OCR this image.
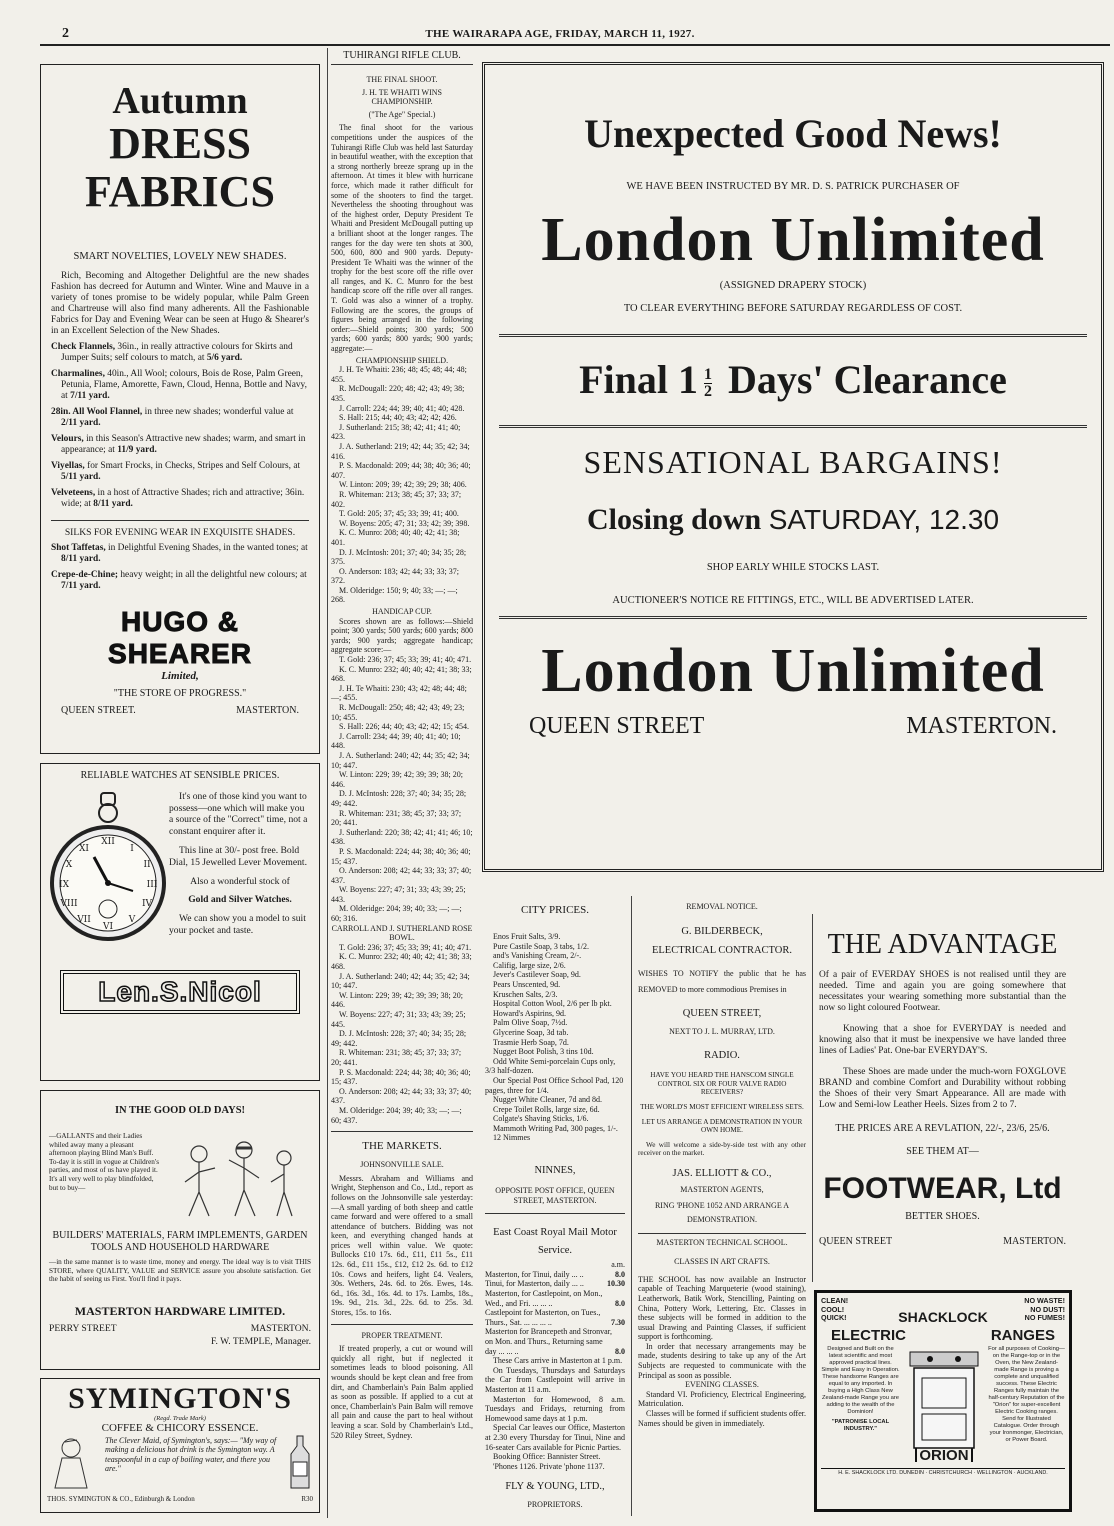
2	THE WAIRARAPA AGE, FRIDAY, MARCH 11, 1927.
Autumn
DRESS
FABRICS
SMART NOVELTIES, LOVELY NEW SHADES.

Rich, Becoming and Altogether Delightful are the new shades Fashion has decreed for Autumn and Winter. Wine and Mauve in a variety of tones promise to be widely popular, while Palm Green and Chartreuse will also find many adherents. All the Fashionable Fabrics for Day and Evening Wear can be seen at Hugo & Shearer's in an Excellent Selection of the New Shades.

Check Flannels, 36in., in really attractive colours for Skirts and Jumper Suits; self colours to match, at 5/6 yard.

Charmalines, 40in., All Wool; colours, Bois de Rose, Palm Green, Petunia, Flame, Amorette, Fawn, Cloud, Henna, Bottle and Navy, at 7/11 yard.

28in. All Wool Flannel, in three new shades; wonderful value at 2/11 yard.

Velours, in this Season's Attractive new shades; warm, and smart in appearance; at 11/9 yard.

Viyellas, for Smart Frocks, in Checks, Stripes and Self Colours, at 5/11 yard.

Velveteens, in a host of Attractive Shades; rich and attractive; 36in. wide; at 8/11 yard.

SILKS FOR EVENING WEAR IN EXQUISITE SHADES.

Shot Taffetas, in Delightful Evening Shades, in the wanted tones; at 8/11 yard.

Crepe-de-Chine; heavy weight; in all the delightful new colours; at 7/11 yard.

HUGO & SHEARER
Limited,
"THE STORE OF PROGRESS."
QUEEN STREET.	MASTERTON.
RELIABLE WATCHES AT SENSIBLE PRICES.
XII
I
II
III
IV
V
VI
VII
VIII
IX
X
XI

It's one of those kind you want to possess—one which will make you a source of the "Correct" time, not a constant enquirer after it.

This line at 30/- post free. Bold Dial, 15 Jewelled Lever Movement.

Also a wonderful stock of

Gold and Silver Watches.

We can show you a model to suit your pocket and taste.

Len.S.Nicol
IN THE GOOD OLD DAYS!

—GALLANTS and their Ladies whiled away many a pleasant afternoon playing Blind Man's Buff. To-day it is still in vogue at Children's parties, and most of us have played it. It's all very well to play blindfolded, but to buy—

BUILDERS' MATERIALS, FARM IMPLEMENTS, GARDEN TOOLS AND HOUSEHOLD HARDWARE

—in the same manner is to waste time, money and energy. The ideal way is to visit THIS STORE, where QUALITY, VALUE and SERVICE assure you absolute satisfaction. Get the habit of seeing us First. You'll find it pays.

MASTERTON HARDWARE LIMITED.
PERRY STREET	MASTERTON.
F. W. TEMPLE, Manager.
SYMINGTON'S
(Regd. Trade Mark)
COFFEE & CHICORY ESSENCE.

The Clever Maid, of Symington's, says:— "My way of making a delicious hot drink is the Symington way. A teaspoonful in a cup of boiling water, and there you are."

THOS. SYMINGTON & CO., Edinburgh & London	R30
TUHIRANGI RIFLE CLUB.
THE FINAL SHOOT.
J. H. TE WHAITI WINS CHAMPIONSHIP.
("The Age" Special.)

The final shoot for the various competitions under the auspices of the Tuhirangi Rifle Club was held last Saturday in beautiful weather, with the exception that a strong northerly breeze sprang up in the afternoon. At times it blew with hurricane force, which made it rather difficult for some of the shooters to find the target. Nevertheless the shooting throughout was of the highest order, Deputy President Te Whaiti and President McDougall putting up a brilliant shoot at the longer ranges. The ranges for the day were ten shots at 300, 500, 600, 800 and 900 yards. Deputy-President Te Whaiti was the winner of the trophy for the best score off the rifle over all ranges, and K. C. Munro for the best handicap score off the rifle over all ranges. T. Gold was also a winner of a trophy. Following are the scores, the groups of figures being arranged in the following order:—Shield points; 300 yards; 500 yards; 600 yards; 800 yards; 900 yards; aggregate:—

CHAMPIONSHIP SHIELD.

J. H. Te Whaiti: 236; 48; 45; 48; 44; 48; 455.

R. McDougall: 220; 48; 42; 43; 49; 38; 435.

J. Carroll: 224; 44; 39; 40; 41; 40; 428.

S. Hall: 215; 44; 40; 43; 42; 42; 426.

J. Sutherland: 215; 38; 42; 41; 41; 40; 423.

J. A. Sutherland: 219; 42; 44; 35; 42; 34; 416.

P. S. Macdonald: 209; 44; 38; 40; 36; 40; 407.

W. Linton: 209; 39; 42; 39; 29; 38; 406.

R. Whiteman: 213; 38; 45; 37; 33; 37; 402.

T. Gold: 205; 37; 45; 33; 39; 41; 400.

W. Boyens: 205; 47; 31; 33; 42; 39; 398.

K. C. Munro: 208; 40; 40; 42; 41; 38; 401.

D. J. McIntosh: 201; 37; 40; 34; 35; 28; 375.

O. Anderson: 183; 42; 44; 33; 33; 37; 372.

M. Olderidge: 150; 9; 40; 33; —; —; 268.

HANDICAP CUP.

Scores shown are as follows:—Shield point; 300 yards; 500 yards; 600 yards; 800 yards; 900 yards; aggregate handicap; aggregate score:—

T. Gold: 236; 37; 45; 33; 39; 41; 40; 471.

K. C. Munro: 232; 40; 40; 42; 41; 38; 33; 468.

J. H. Te Whaiti: 230; 43; 42; 48; 44; 48; —; 455.

R. McDougall: 250; 48; 42; 43; 49; 23; 10; 455.

S. Hall: 226; 44; 40; 43; 42; 42; 15; 454.

J. Carroll: 234; 44; 39; 40; 41; 40; 10; 448.

J. A. Sutherland: 240; 42; 44; 35; 42; 34; 10; 447.

W. Linton: 229; 39; 42; 39; 39; 38; 20; 446.

D. J. McIntosh: 228; 37; 40; 34; 35; 28; 49; 442.

R. Whiteman: 231; 38; 45; 37; 33; 37; 20; 441.

J. Sutherland: 220; 38; 42; 41; 41; 46; 10; 438.

P. S. Macdonald: 224; 44; 38; 40; 36; 40; 15; 437.

O. Anderson: 208; 42; 44; 33; 33; 37; 40; 437.

W. Boyens: 227; 47; 31; 33; 43; 39; 25; 443.

M. Olderidge: 204; 39; 40; 33; —; —; 60; 316.

CARROLL AND J. SUTHERLAND ROSE BOWL.

T. Gold: 236; 37; 45; 33; 39; 41; 40; 471.

K. C. Munro: 232; 40; 40; 42; 41; 38; 33; 468.

J. A. Sutherland: 240; 42; 44; 35; 42; 34; 10; 447.

W. Linton: 229; 39; 42; 39; 39; 38; 20; 446.

W. Boyens: 227; 47; 31; 33; 43; 39; 25; 445.

D. J. McIntosh: 228; 37; 40; 34; 35; 28; 49; 442.

R. Whiteman: 231; 38; 45; 37; 33; 37; 20; 441.

P. S. Macdonald: 224; 44; 38; 40; 36; 40; 15; 437.

O. Anderson: 208; 42; 44; 33; 33; 37; 40; 437.

M. Olderidge: 204; 39; 40; 33; —; —; 60; 437.

THE MARKETS.
JOHNSONVILLE SALE.

Messrs. Abraham and Williams and Wright, Stephenson and Co., Ltd., report as follows on the Johnsonville sale yesterday:—A small yarding of both sheep and cattle came forward and were offered to a small attendance of butchers. Bidding was not keen, and everything changed hands at prices well within value. We quote: Bullocks £10 17s. 6d., £11, £11 5s., £11 12s. 6d., £11 15s., £12, £12 2s. 6d. to £12 10s. Cows and heifers, light £4. Vealers, 30s. Wethers, 24s. 6d. to 26s. Ewes, 14s. 6d., 16s. 3d., 16s. 4d. to 17s. Lambs, 18s., 19s. 9d., 21s. 3d., 22s. 6d. to 25s. 3d. Stores, 15s. to 16s.

PROPER TREATMENT.

If treated properly, a cut or wound will quickly all right, but if neglected it sometimes leads to blood poisoning. All wounds should be kept clean and free from dirt, and Chamberlain's Pain Balm applied as soon as possible. If applied to a cut at once, Chamberlain's Pain Balm will remove all pain and cause the part to heal without leaving a scar. Sold by Chamberlain's Ltd., 520 Riley Street, Sydney.

Unexpected Good News!
WE HAVE BEEN INSTRUCTED BY MR. D. S. PATRICK PURCHASER OF
London Unlimited
(ASSIGNED DRAPERY STOCK)
TO CLEAR EVERYTHING BEFORE SATURDAY REGARDLESS OF COST.
Final $1 \frac{1}{2}$ Days' Clearance
SENSATIONAL BARGAINS!
Closing down SATURDAY, 12.30
SHOP EARLY WHILE STOCKS LAST.
AUCTIONEER'S NOTICE RE FITTINGS, ETC., WILL BE ADVERTISED LATER.
London Unlimited
QUEEN STREET	MASTERTON.
CITY PRICES.

Enos Fruit Salts, 3/9.

Pure Castile Soap, 3 tabs, 1/2.

and's Vanishing Cream, 2/-.

Califig, large size, 2/6.

Jever's Castilever Soap, 9d.

Pears Unscented, 9d.

Kruschen Salts, 2/3.

Hospital Cotton Wool, 2/6 per lb pkt.

Howard's Aspirins, 9d.

Palm Olive Soap, 7½d.

Glycerine Soap, 3d tab.

Trasmie Herb Soap, 7d.

Nugget Boot Polish, 3 tins 10d.

Odd White Semi-porcelain Cups only, 3/3 half-dozen.

Our Special Post Office School Pad, 120 pages, three for 1/4.

Nugget White Cleaner, 7d and 8d.

Crepe Toilet Rolls, large size, 6d.

Colgate's Shaving Sticks, 1/6.

Mammoth Writing Pad, 300 pages, 1/-.

12 Nimmes

NINNES,
OPPOSITE POST OFFICE, QUEEN STREET, MASTERTON.
East Coast Royal Mail Motor Service.
a.m.
Masterton, for Tinui, daily ... ..	8.0
Tinui, for Masterton, daily ... ..	10.30
Masterton, for Castlepoint, on Mon., Wed., and Fri. ... ... ..	8.0
Castlepoint for Masterton, on Tues., Thurs., Sat. ... ... ... ..	7.30
Masterton for Brancepeth and Stronvar, on Mon. and Thurs., Returning same day ... ... ..	8.0

These Cars arrive in Masterton at 1 p.m.

On Tuesdays, Thursdays and Saturdays the Car from Castlepoint will arrive in Masterton at 11 a.m.

Masterton for Homewood, 8 a.m. Tuesdays and Fridays, returning from Homewood same days at 1 p.m.

Special Car leaves our Office, Masterton at 2.30 every Thursday for Tinui, Nine and 16-seater Cars available for Picnic Parties.

Booking Office: Bannister Street.

'Phones 1126. Private 'phone 1137.

FLY & YOUNG, LTD.,
PROPRIETORS.
REMOVAL NOTICE.
G. BILDERBECK,
ELECTRICAL CONTRACTOR.

WISHES TO NOTIFY the public that he has REMOVED to more commodious Premises in

QUEEN STREET,
NEXT TO J. L. MURRAY, LTD.
RADIO.

HAVE YOU HEARD THE HANSCOM SINGLE CONTROL SIX OR FOUR VALVE RADIO RECEIVERS?

THE WORLD'S MOST EFFICIENT WIRELESS SETS.

LET US ARRANGE A DEMONSTRATION IN YOUR OWN HOME.

We will welcome a side-by-side test with any other receiver on the market.

JAS. ELLIOTT & CO.,
MASTERTON AGENTS,

RING 'PHONE 1052 AND ARRANGE A DEMONSTRATION.

MASTERTON TECHNICAL SCHOOL.
CLASSES IN ART CRAFTS.

THE SCHOOL has now available an Instructor capable of Teaching Marqueterie (wood staining), Leatherwork, Batik Work, Stencilling, Painting on China, Pottery Work, Lettering, Etc. Classes in these subjects will be formed in addition to the usual Drawing and Painting Classes, if sufficient support is forthcoming.

In order that necessary arrangements may be made, students desiring to take up any of the Art Subjects are requested to communicate with the Principal as soon as possible.

EVENING CLASSES.

Standard VI. Proficiency, Electrical Engineering, Matriculation.

Classes will be formed if sufficient students offer. Names should be given in immediately.

THE ADVANTAGE

Of a pair of EVERDAY SHOES is not realised until they are needed. Time and again you are going somewhere that necessitates your wearing something more substantial than the now so light coloured Footwear.

Knowing that a shoe for EVERYDAY is needed and knowing also that it must be inexpensive we have landed three lines of Ladies' Pat. One-bar EVERYDAY'S.

These Shoes are made under the much-worn FOXGLOVE BRAND and combine Comfort and Durability without robbing the Shoes of their very Smart Appearance. All are made with Low and Semi-low Leather Heels. Sizes from 2 to 7.

THE PRICES ARE A REVLATION, 22/-, 23/6, 25/6.
SEE THEM AT—
FOOTWEAR, Ltd
BETTER SHOES.
QUEEN STREET	MASTERTON.
CLEAN! COOL! QUICK!
NO WASTE! NO DUST! NO FUMES!
SHACKLOCK
ELECTRIC	RANGES

Designed and Built on the latest scientific and most approved practical lines. Simple and Easy in Operation. These handsome Ranges are equal to any imported. In buying a High Class New Zealand-made Range you are adding to the wealth of the Dominion!

"PATRONISE LOCAL INDUSTRY."

ORION

For all purposes of Cooking—on the Range-top or in the Oven, the New Zealand-made Range is proving a complete and unqualified success. These Electric Ranges fully maintain the half-century Reputation of the "Orion" for super-excellent Electric Cooking ranges. Send for Illustrated Catalogue. Order through your Ironmonger, Electrician, or Power Board.

H. E. SHACKLOCK LTD. DUNEDIN · CHRISTCHURCH · WELLINGTON · AUCKLAND.
